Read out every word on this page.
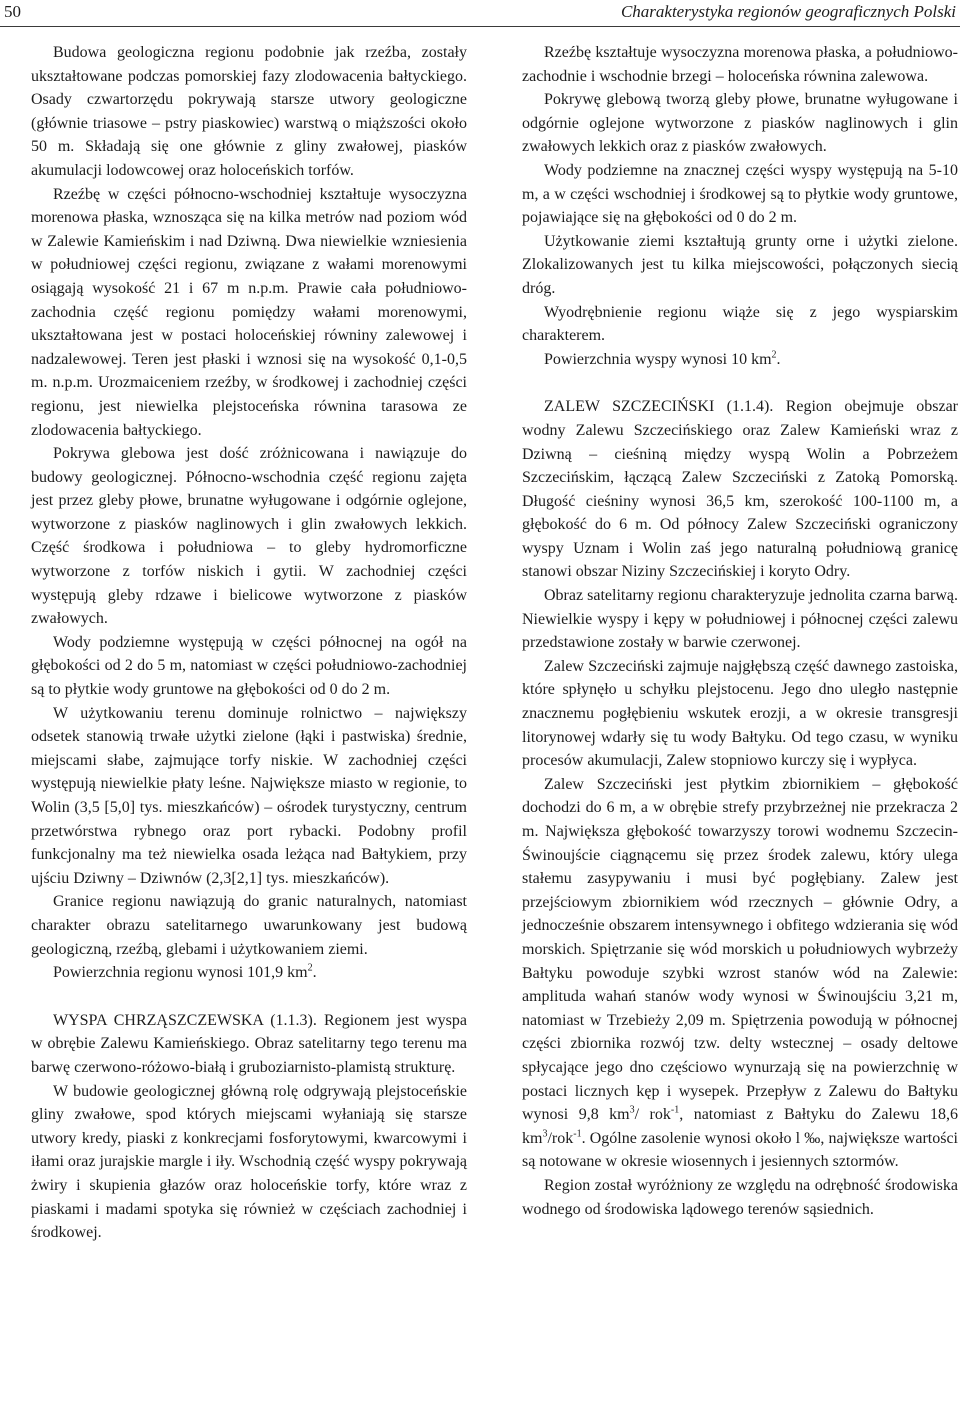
50	Charakterystyka regionów geograficznych Polski

Budowa geologiczna regionu podobnie jak rzeźba, zostały ukształtowane podczas pomorskiej fazy zlodowacenia bałtyckiego. Osady czwartorzędu pokrywają starsze utwory geologiczne (głównie triasowe – pstry piaskowiec) warstwą o miąższości około 50 m. Składają się one głównie z gliny zwałowej, piasków akumulacji lodowcowej oraz holoceńskich torfów.

Rzeźbę w części północno-wschodniej kształtuje wysoczyzna morenowa płaska, wznosząca się na kilka metrów nad poziom wód w Zalewie Kamieńskim i nad Dziwną. Dwa niewielkie wzniesienia w południowej części regionu, związane z wałami morenowymi osiągają wysokość 21 i 67 m n.p.m. Prawie cała południowo-zachodnia część regionu pomiędzy wałami morenowymi, ukształtowana jest w postaci holoceńskiej równiny zalewowej i nadzalewowej. Teren jest płaski i wznosi się na wysokość 0,1-0,5 m. n.p.m. Urozmaiceniem rzeźby, w środkowej i zachodniej części regionu, jest niewielka plejstoceńska równina tarasowa ze zlodowacenia bałtyckiego.

Pokrywa glebowa jest dość zróżnicowana i nawiązuje do budowy geologicznej. Północno-wschodnia część regionu zajęta jest przez gleby płowe, brunatne wyługowane i odgórnie oglejone, wytworzone z piasków naglinowych i glin zwałowych lekkich. Część środkowa i południowa – to gleby hydromorficzne wytworzone z torfów niskich i gytii. W zachodniej części występują gleby rdzawe i bielicowe wytworzone z piasków zwałowych.

Wody podziemne występują w części północnej na ogół na głębokości od 2 do 5 m, natomiast w części południowo-zachodniej są to płytkie wody gruntowe na głębokości od 0 do 2 m.

W użytkowaniu terenu dominuje rolnictwo – największy odsetek stanowią trwałe użytki zielone (łąki i pastwiska) średnie, miejscami słabe, zajmujące torfy niskie. W zachodniej części występują niewielkie płaty leśne. Największe miasto w regionie, to Wolin (3,5 [5,0] tys. mieszkańców) – ośrodek turystyczny, centrum przetwórstwa rybnego oraz port rybacki. Podobny profil funkcjonalny ma też niewielka osada leżąca nad Bałtykiem, przy ujściu Dziwny – Dziwnów (2,3[2,1] tys. mieszkańców).

Granice regionu nawiązują do granic naturalnych, natomiast charakter obrazu satelitarnego uwarunkowany jest budową geologiczną, rzeźbą, glebami i użytkowaniem ziemi.

Powierzchnia regionu wynosi 101,9 $km^2$.

WYSPA CHRZĄSZCZEWSKA (1.1.3). Regionem jest wyspa w obrębie Zalewu Kamieńskiego. Obraz satelitarny tego terenu ma barwę czerwono-różowo-białą i gruboziarnisto-plamistą strukturę.

W budowie geologicznej główną rolę odgrywają plejstoceńskie gliny zwałowe, spod których miejscami wyłaniają się starsze utwory kredy, piaski z konkrecjami fosforytowymi, kwarcowymi i iłami oraz jurajskie margle i iły. Wschodnią część wyspy pokrywają żwiry i skupienia głazów oraz holoceńskie torfy, które wraz z piaskami i madami spotyka się również w częściach zachodniej i środkowej.

Rzeźbę kształtuje wysoczyzna morenowa płaska, a południowo-zachodnie i wschodnie brzegi – holoceńska równina zalewowa.

Pokrywę glebową tworzą gleby płowe, brunatne wyługowane i odgórnie oglejone wytworzone z piasków naglinowych i glin zwałowych lekkich oraz z piasków zwałowych.

Wody podziemne na znacznej części wyspy występują na 5-10 m, a w części wschodniej i środkowej są to płytkie wody gruntowe, pojawiające się na głębokości od 0 do 2 m.

Użytkowanie ziemi kształtują grunty orne i użytki zielone. Zlokalizowanych jest tu kilka miejscowości, połączonych siecią dróg.

Wyodrębnienie regionu wiąże się z jego wyspiarskim charakterem.

Powierzchnia wyspy wynosi 10 $km^2$.

ZALEW SZCZECIŃSKI (1.1.4). Region obejmuje obszar wodny Zalewu Szczecińskiego oraz Zalew Kamieński wraz z Dziwną – cieśniną między wyspą Wolin a Pobrzeżem Szczecińskim, łączącą Zalew Szczeciński z Zatoką Pomorską. Długość cieśniny wynosi 36,5 km, szerokość 100-1100 m, a głębokość do 6 m. Od północy Zalew Szczeciński ograniczony wyspy Uznam i Wolin zaś jego naturalną południową granicę stanowi obszar Niziny Szczecińskiej i koryto Odry.

Obraz satelitarny regionu charakteryzuje jednolita czarna barwą. Niewielkie wyspy i kępy w południowej i północnej części zalewu przedstawione zostały w barwie czerwonej.

Zalew Szczeciński zajmuje najgłębszą część dawnego zastoiska, które spłynęło u schyłku plejstocenu. Jego dno uległo następnie znacznemu pogłębieniu wskutek erozji, a w okresie transgresji litorynowej wdarły się tu wody Bałtyku. Od tego czasu, w wyniku procesów akumulacji, Zalew stopniowo kurczy się i wypłyca.

Zalew Szczeciński jest płytkim zbiornikiem – głębokość dochodzi do 6 m, a w obrębie strefy przybrzeżnej nie przekracza 2 m. Największa głębokość towarzyszy torowi wodnemu Szczecin-Świnoujście ciągnącemu się przez środek zalewu, który ulega stałemu zasypywaniu i musi być pogłębiany. Zalew jest przejściowym zbiornikiem wód rzecznych – głównie Odry, a jednocześnie obszarem intensywnego i obfitego wdzierania się wód morskich. Spiętrzanie się wód morskich u południowych wybrzeży Bałtyku powoduje szybki wzrost stanów wód na Zalewie: amplituda wahań stanów wody wynosi w Świnoujściu 3,21 m, natomiast w Trzebieży 2,09 m. Spiętrzenia powodują w północnej części zbiornika rozwój tzw. delty wstecznej – osady deltowe spłycające jego dno częściowo wynurzają się na powierzchnię w postaci licznych kęp i wysepek. Przepływ z Zalewu do Bałtyku wynosi 9,8 $km^3/$ rok$^{-1}$, natomiast z Bałtyku do Zalewu 18,6 $km^3/rok^{-1}$. Ogólne zasolenie wynosi około l ‰, największe wartości są notowane w okresie wiosennych i jesiennych sztormów.

Region został wyróżniony ze względu na odrębność środowiska wodnego od środowiska lądowego terenów sąsiednich.
